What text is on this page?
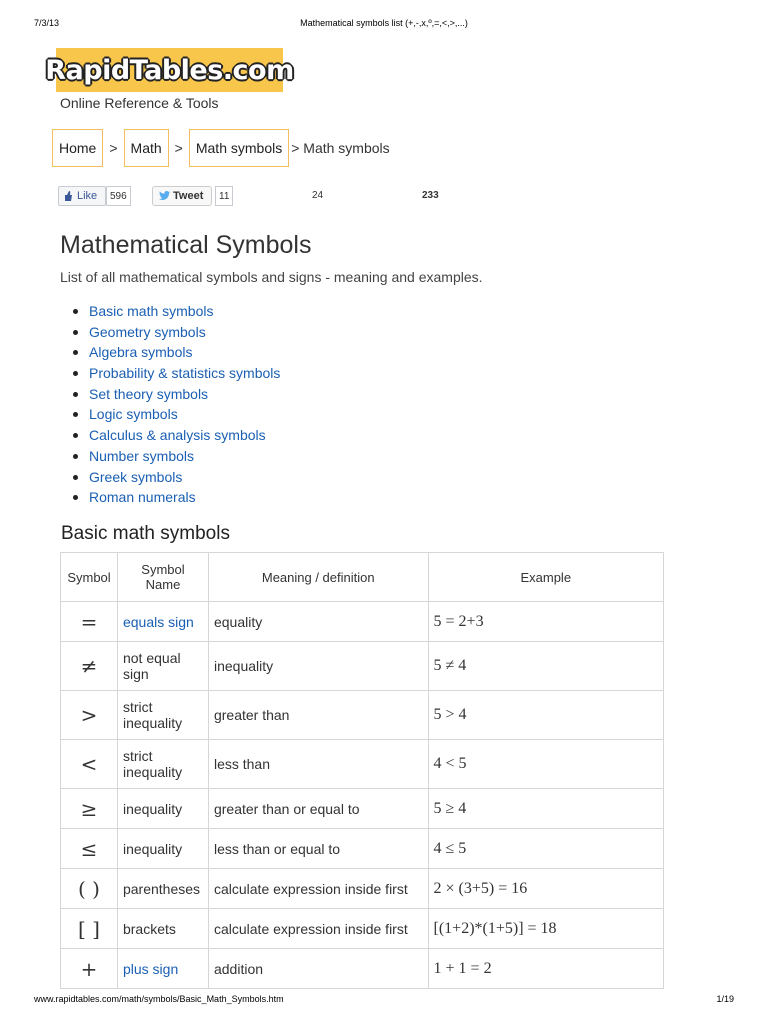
7/3/13	Mathematical symbols list (+,-,x,º,=,<,>,...)
RapidTables.com
Online Reference & Tools
Home > Math > Math symbols > Math symbols
Like	596	Tweet	11	24	233
Mathematical Symbols
List of all mathematical symbols and signs - meaning and examples.
Basic math symbols
Geometry symbols
Algebra symbols
Probability & statistics symbols
Set theory symbols
Logic symbols
Calculus & analysis symbols
Number symbols
Greek symbols
Roman numerals
Basic math symbols
Symbol	Symbol Name	Meaning / definition	Example
=	equals sign	equality	5 = 2+3
≠	not equal sign	inequality	5 ≠ 4
>	strict inequality	greater than	5 > 4
<	strict inequality	less than	4 < 5
≥	inequality	greater than or equal to	5 ≥ 4
≤	inequality	less than or equal to	4 ≤ 5
( )	parentheses	calculate expression inside first	2 × (3+5) = 16
[ ]	brackets	calculate expression inside first	[(1+2)*(1+5)] = 18
+	plus sign	addition	1 + 1 = 2
www.rapidtables.com/math/symbols/Basic_Math_Symbols.htm	1/19
